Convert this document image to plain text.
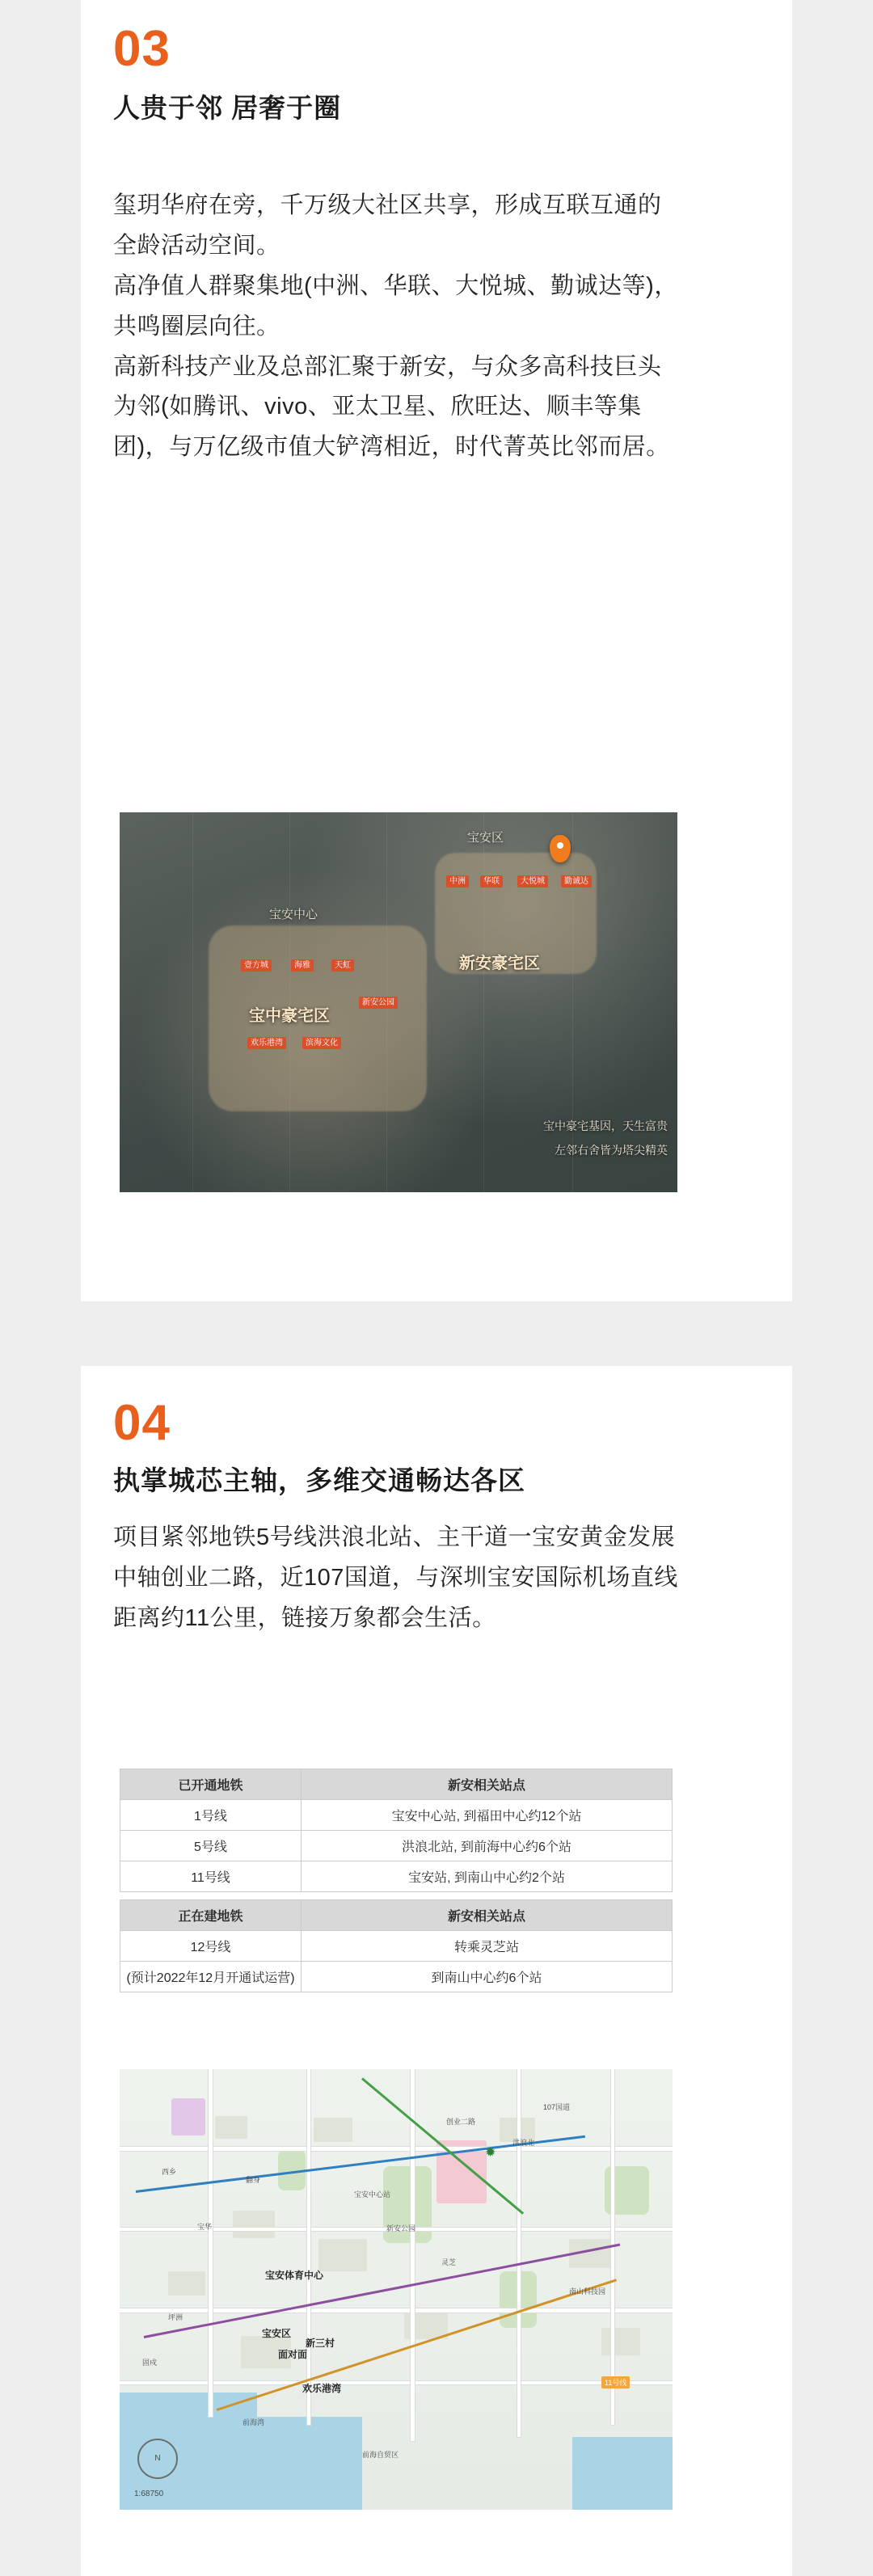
03
人贵于邻 居奢于圈

玺玥华府在旁，千万级大社区共享，形成互联互通的全龄活动空间。

高净值人群聚集地(中洲、华联、大悦城、勤诚达等)，共鸣圈层向往。

高新科技产业及总部汇聚于新安，与众多高科技巨头为邻(如腾讯、vivo、亚太卫星、欣旺达、顺丰等集团)，与万亿级市值大铲湾相近，时代菁英比邻而居。

宝中豪宅区
新安豪宅区
宝安中心
宝安区
中洲	华联	大悦城	勤诚达
壹方城	海雅	天虹
欢乐港湾	滨海文化
新安公园
宝中豪宅基因，天生富贵
左邻右舍皆为塔尖精英
04
执掌城芯主轴，多维交通畅达各区

项目紧邻地铁5号线洪浪北站、主干道一宝安黄金发展中轴创业二路，近107国道，与深圳宝安国际机场直线距离约11公里，链接万象都会生活。

已开通地铁	新安相关站点
1号线	宝安中心站, 到福田中心约12个站
5号线	洪浪北站, 到前海中心约6个站
11号线	宝安站, 到南山中心约2个站

正在建地铁	新安相关站点
12号线	转乘灵芝站
(预计2022年12月开通试运营)	到南山中心约6个站
✹
宝安体育中心
宝安区
新三村
面对面
欢乐港湾
洪浪北
前海湾
前海自贸区
南山科技园
宝安中心站
新安公园
灵芝
翻身
宝华
坪洲
西乡
固戍
11号线
创业二路
107国道
N
1:68750
